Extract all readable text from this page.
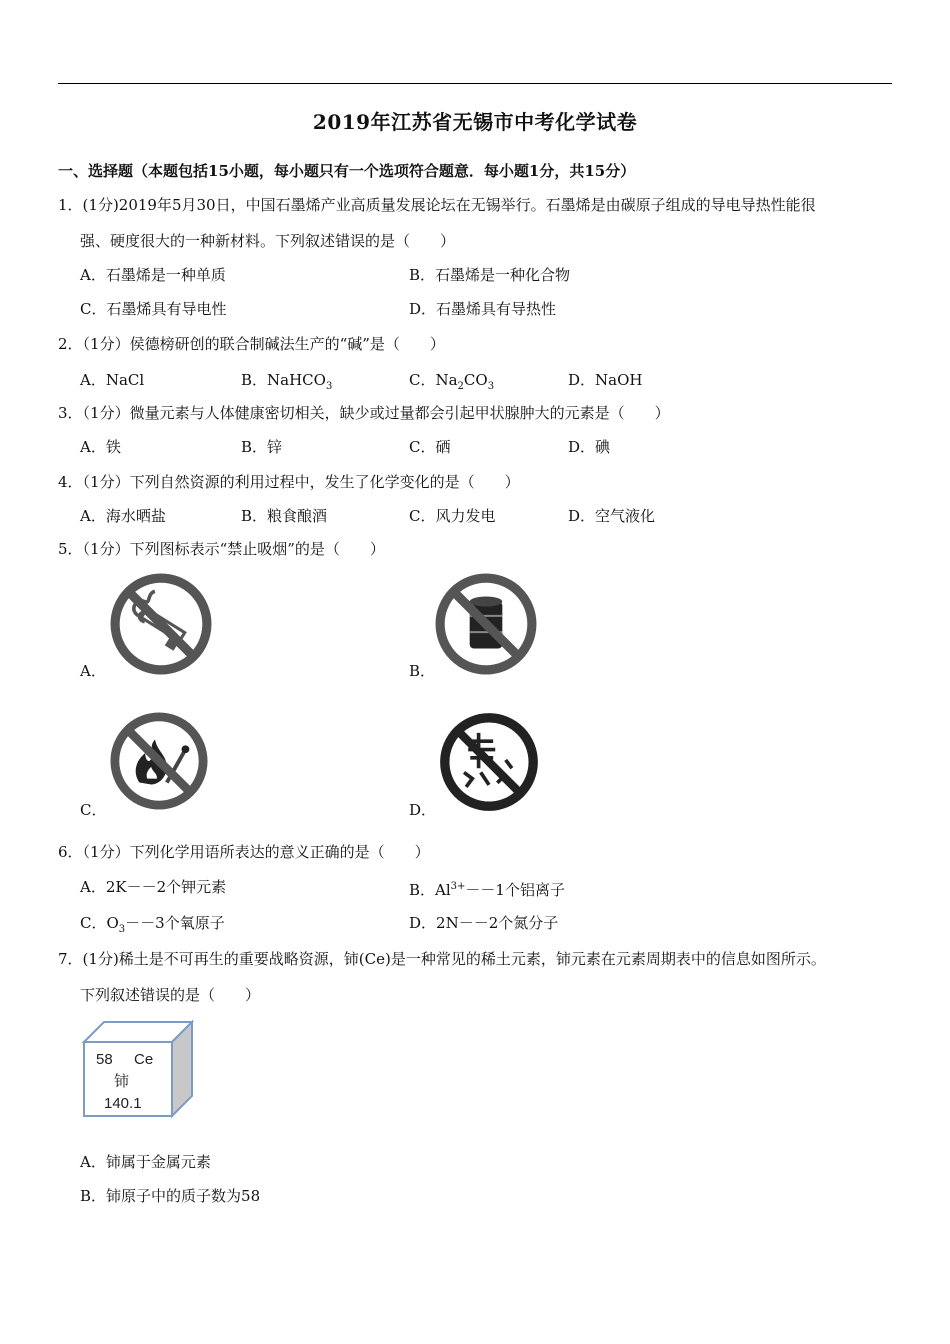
2019年江苏省无锡市中考化学试卷
一、选择题（本题包括15小题，每小题只有一个选项符合题意．每小题1分，共15分）
1．(1分)2019年5月30日，中国石墨烯产业高质量发展论坛在无锡举行。石墨烯是由碳原子组成的导电导热性能很
强、硬度很大的一种新材料。下列叙述错误的是（　　）
A．石墨烯是一种单质	B．石墨烯是一种化合物
C．石墨烯具有导电性	D．石墨烯具有导热性
2．（1分）侯德榜研创的联合制碱法生产的“碱”是（　　）
A．NaCl	B．NaHCO$_3$	C．$Na_2CO_3$	D．NaOH
3．（1分）微量元素与人体健康密切相关，缺少或过量都会引起甲状腺肿大的元素是（　　）
A．铁	B．锌	C．硒	D．碘
4．（1分）下列自然资源的利用过程中，发生了化学变化的是（　　）
A．海水晒盐	B．粮食酿酒	C．风力发电	D．空气液化
5．（1分）下列图标表示“禁止吸烟”的是（　　）
A．	B．
C．	D．
6．（1分）下列化学用语所表达的意义正确的是（　　）
A．2K－－2个钾元素	B．$Al^{3+}--1$个铝离子
C．$O_3--3$个氧原子	D．2N－－2个氮分子
7．(1分)稀土是不可再生的重要战略资源，铈(Ce)是一种常见的稀土元素，铈元素在元素周期表中的信息如图所示。
下列叙述错误的是（　　）
58 Ce
铈
140.1
A．铈属于金属元素
B．铈原子中的质子数为58
